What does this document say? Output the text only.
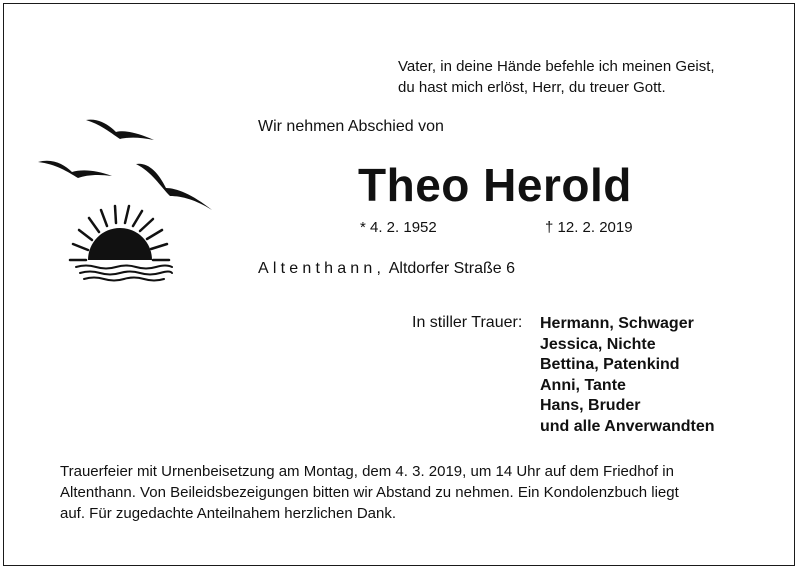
Vater, in deine Hände befehle ich meinen Geist,
du hast mich erlöst, Herr, du treuer Gott.
Wir nehmen Abschied von
Theo Herold
* 4. 2. 1952	† 12. 2. 2019
Altenthann, Altdorfer Straße 6
In stiller Trauer: Hermann, Schwager
Jessica, Nichte
Bettina, Patenkind
Anni, Tante
Hans, Bruder
und alle Anverwandten
Trauerfeier mit Urnenbeisetzung am Montag, dem 4. 3. 2019, um 14 Uhr auf dem Friedhof in
Altenthann. Von Beileidsbezeigungen bitten wir Abstand zu nehmen. Ein Kondolenzbuch liegt
auf. Für zugedachte Anteilnahem herzlichen Dank.
